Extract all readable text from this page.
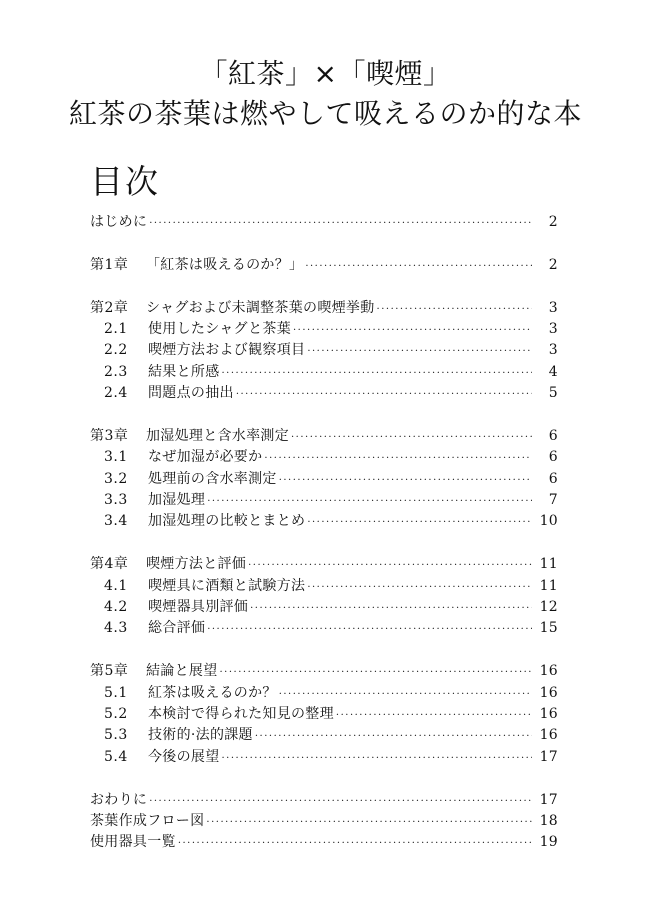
「紅茶」×「喫煙」
紅茶の茶葉は燃やして吸えるのか的な本
目次
はじめに ·····	2
第1章	「紅茶は吸えるのか？」 ·····	2
第2章	シャグおよび未調整茶葉の喫煙挙動 ·····	3
2.1	使用したシャグと茶葉 ·····	3
2.2	喫煙方法および観察項目 ·····	3
2.3	結果と所感 ·····	4
2.4	問題点の抽出 ·····	5
第3章	加湿処理と含水率測定 ·····	6
3.1	なぜ加湿が必要か ·····	6
3.2	処理前の含水率測定 ·····	6
3.3	加湿処理 ·····	7
3.4	加湿処理の比較とまとめ ·····	10
第4章	喫煙方法と評価 ·····	11
4.1	喫煙具に酒類と試験方法 ·····	11
4.2	喫煙器具別評価 ·····	12
4.3	総合評価 ·····	15
第5章	結論と展望 ·····	16
5.1	紅茶は吸えるのか？ ·····	16
5.2	本検討で得られた知見の整理 ·····	16
5.3	技術的·法的課題 ·····	16
5.4	今後の展望 ·····	17
おわりに ·····	17
茶葉作成フロー図 ·····	18
使用器具一覧 ·····	19
